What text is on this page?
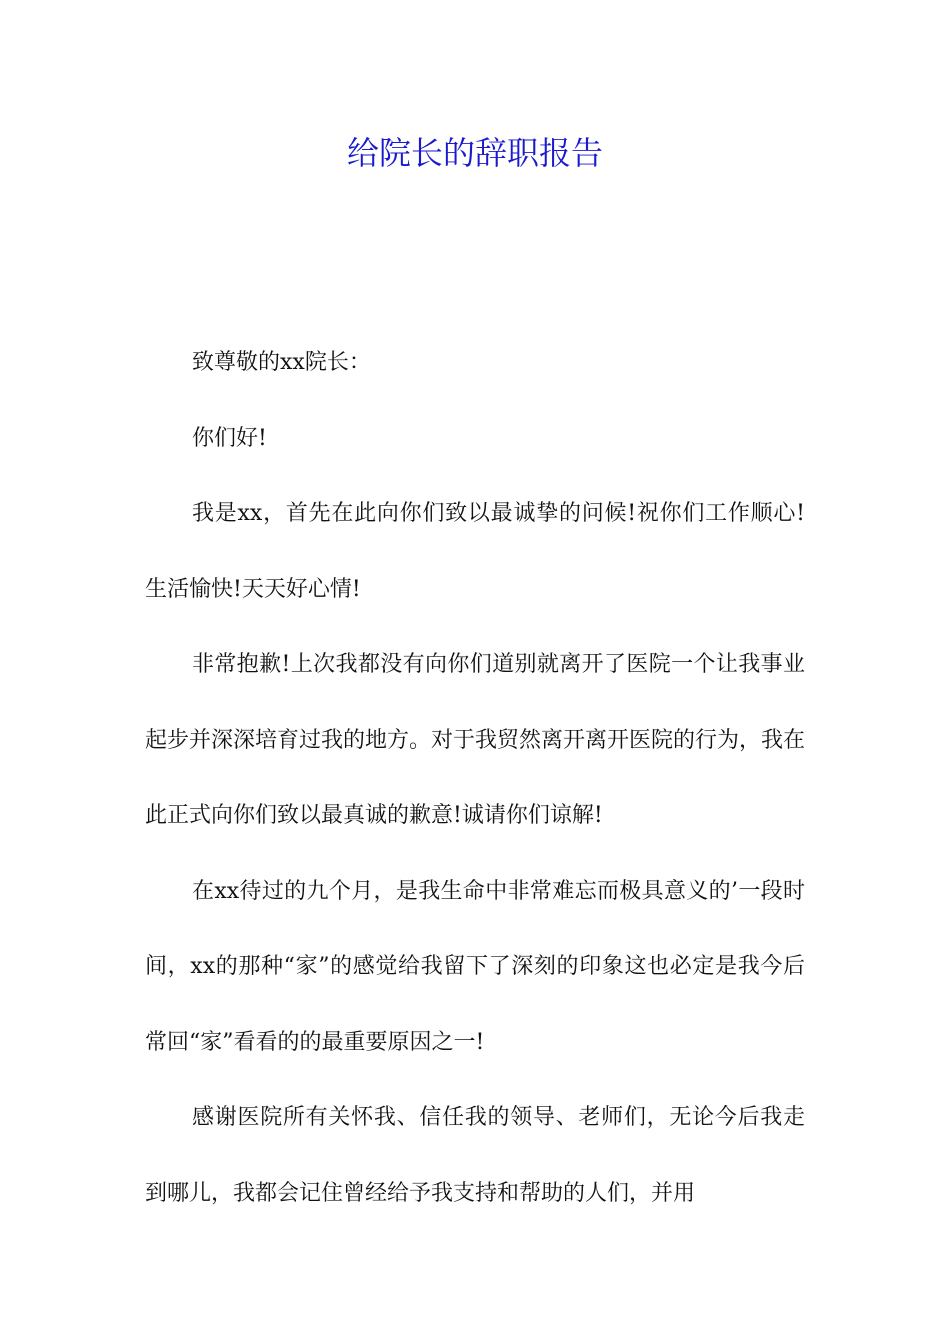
给院长的辞职报告

致尊敬的xx院长：

你们好!

我是xx，首先在此向你们致以最诚挚的问候!祝你们工作顺心!生活愉快!天天好心情!

非常抱歉!上次我都没有向你们道别就离开了医院一个让我事业起步并深深培育过我的地方。对于我贸然离开离开医院的行为，我在此正式向你们致以最真诚的歉意!诚请你们谅解!

在xx待过的九个月，是我生命中非常难忘而极具意义的’一段时间，xx的那种“家”的感觉给我留下了深刻的印象这也必定是我今后常回“家”看看的的最重要原因之一!

感谢医院所有关怀我、信任我的领导、老师们，无论今后我走到哪儿，我都会记住曾经给予我支持和帮助的人们，并用
